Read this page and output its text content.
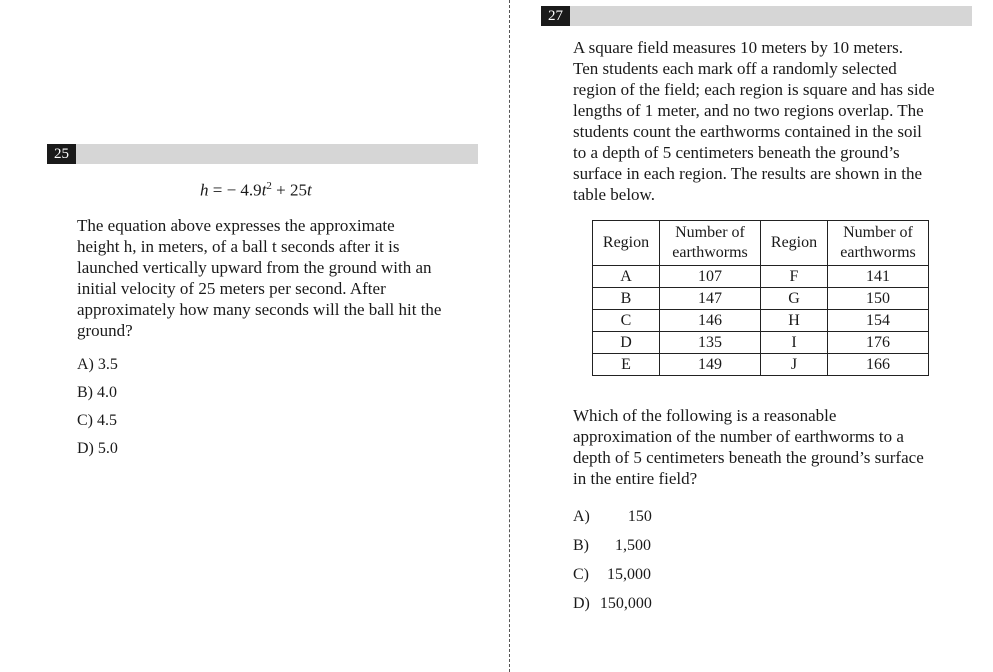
25
h = − $4.9t^2 + 25t$
The equation above expresses the approximate
height h, in meters, of a ball t seconds after it is
launched vertically upward from the ground with an
initial velocity of 25 meters per second. After
approximately how many seconds will the ball hit the
ground?
A) 3.5
B) 4.0
C) 4.5
D) 5.0
27
A square field measures 10 meters by 10 meters.
Ten students each mark off a randomly selected
region of the field; each region is square and has side
lengths of 1 meter, and no two regions overlap. The
students count the earthworms contained in the soil
to a depth of 5 centimeters beneath the ground’s
surface in each region. The results are shown in the
table below.
Region	Number of
earthworms	Region	Number of
earthworms
A	107	F	141
B	147	G	150
C	146	H	154
D	135	I	176
E	149	J	166
Which of the following is a reasonable
approximation of the number of earthworms to a
depth of 5 centimeters beneath the ground’s surface
in the entire field?
A) 150
B) 1,500
C) 15,000
D) 150,000
